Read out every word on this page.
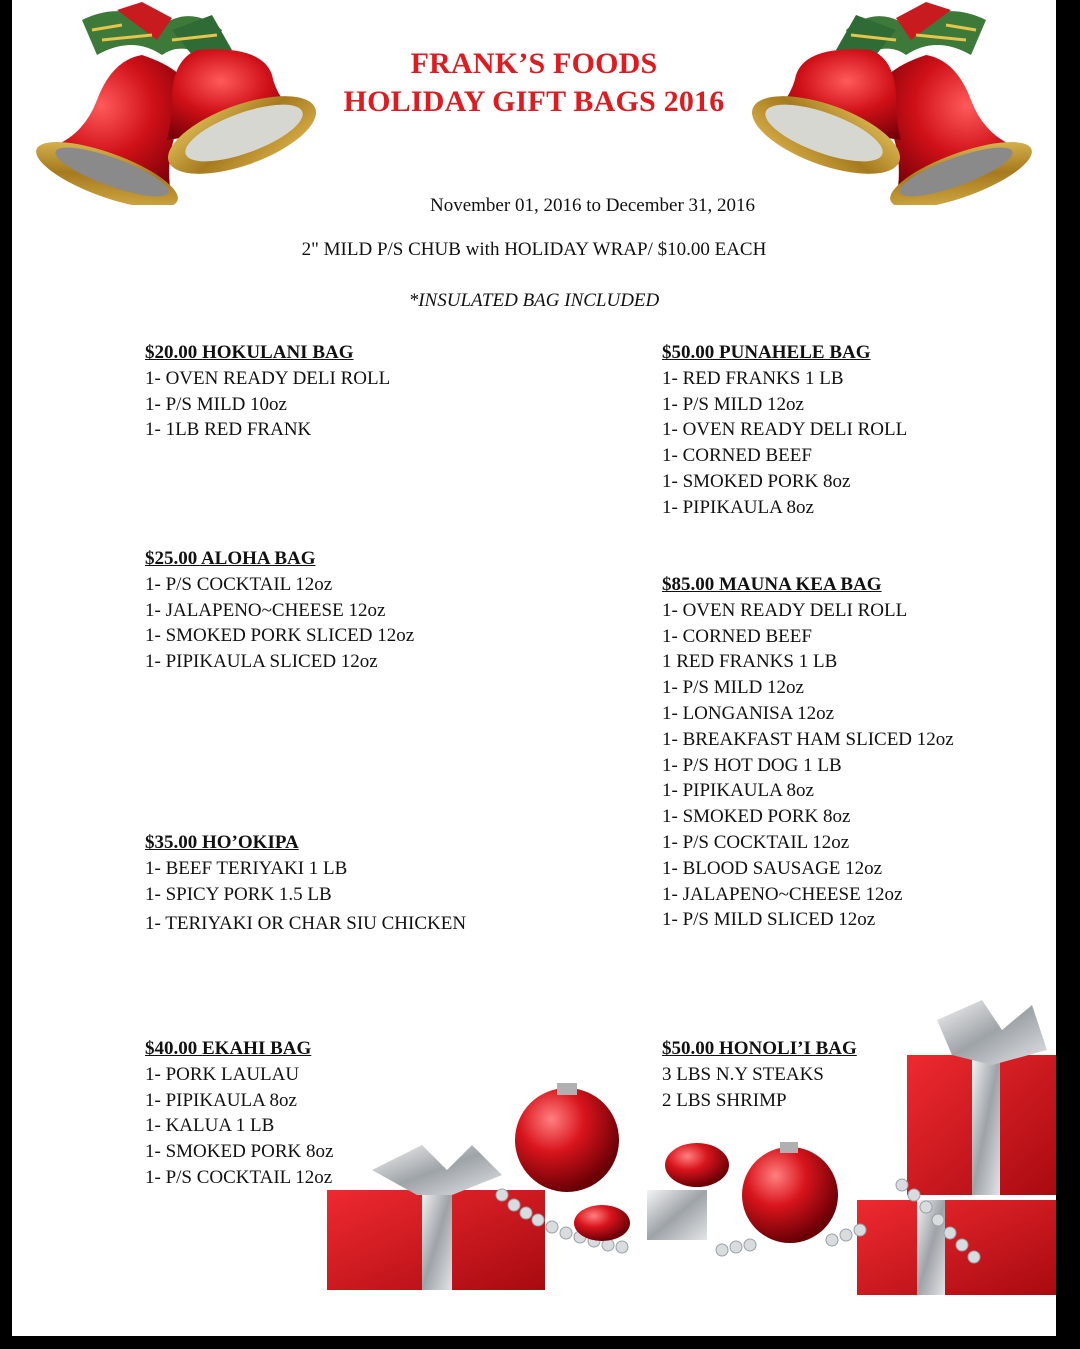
FRANK’S FOODS
HOLIDAY GIFT BAGS 2016
November 01, 2016 to December 31, 2016
2" MILD P/S CHUB with HOLIDAY WRAP/ $10.00 EACH
*INSULATED BAG INCLUDED
$20.00 HOKULANI BAG
1- OVEN READY DELI ROLL
1- P/S MILD 10oz
1- 1LB RED FRANK
$25.00 ALOHA BAG
1- P/S COCKTAIL 12oz
1- JALAPENO~CHEESE 12oz
1- SMOKED PORK SLICED 12oz
1- PIPIKAULA SLICED 12oz
$35.00 HO’OKIPA
1- BEEF TERIYAKI 1 LB
1- SPICY PORK 1.5 LB
1- TERIYAKI OR CHAR SIU CHICKEN
$40.00 EKAHI BAG
1- PORK LAULAU
1- PIPIKAULA 8oz
1- KALUA 1 LB
1- SMOKED PORK 8oz
1- P/S COCKTAIL 12oz
$50.00 PUNAHELE BAG
1- RED FRANKS 1 LB
1- P/S MILD 12oz
1- OVEN READY DELI ROLL
1- CORNED BEEF
1- SMOKED PORK 8oz
1- PIPIKAULA 8oz
$85.00 MAUNA KEA BAG
1- OVEN READY DELI ROLL
1- CORNED BEEF
1 RED FRANKS 1 LB
1- P/S MILD 12oz
1- LONGANISA 12oz
1- BREAKFAST HAM SLICED 12oz
1- P/S HOT DOG 1 LB
1- PIPIKAULA 8oz
1- SMOKED PORK 8oz
1- P/S COCKTAIL 12oz
1- BLOOD SAUSAGE 12oz
1- JALAPENO~CHEESE 12oz
1- P/S MILD SLICED 12oz
$50.00 HONOLI’I BAG
3 LBS N.Y STEAKS
2 LBS SHRIMP
